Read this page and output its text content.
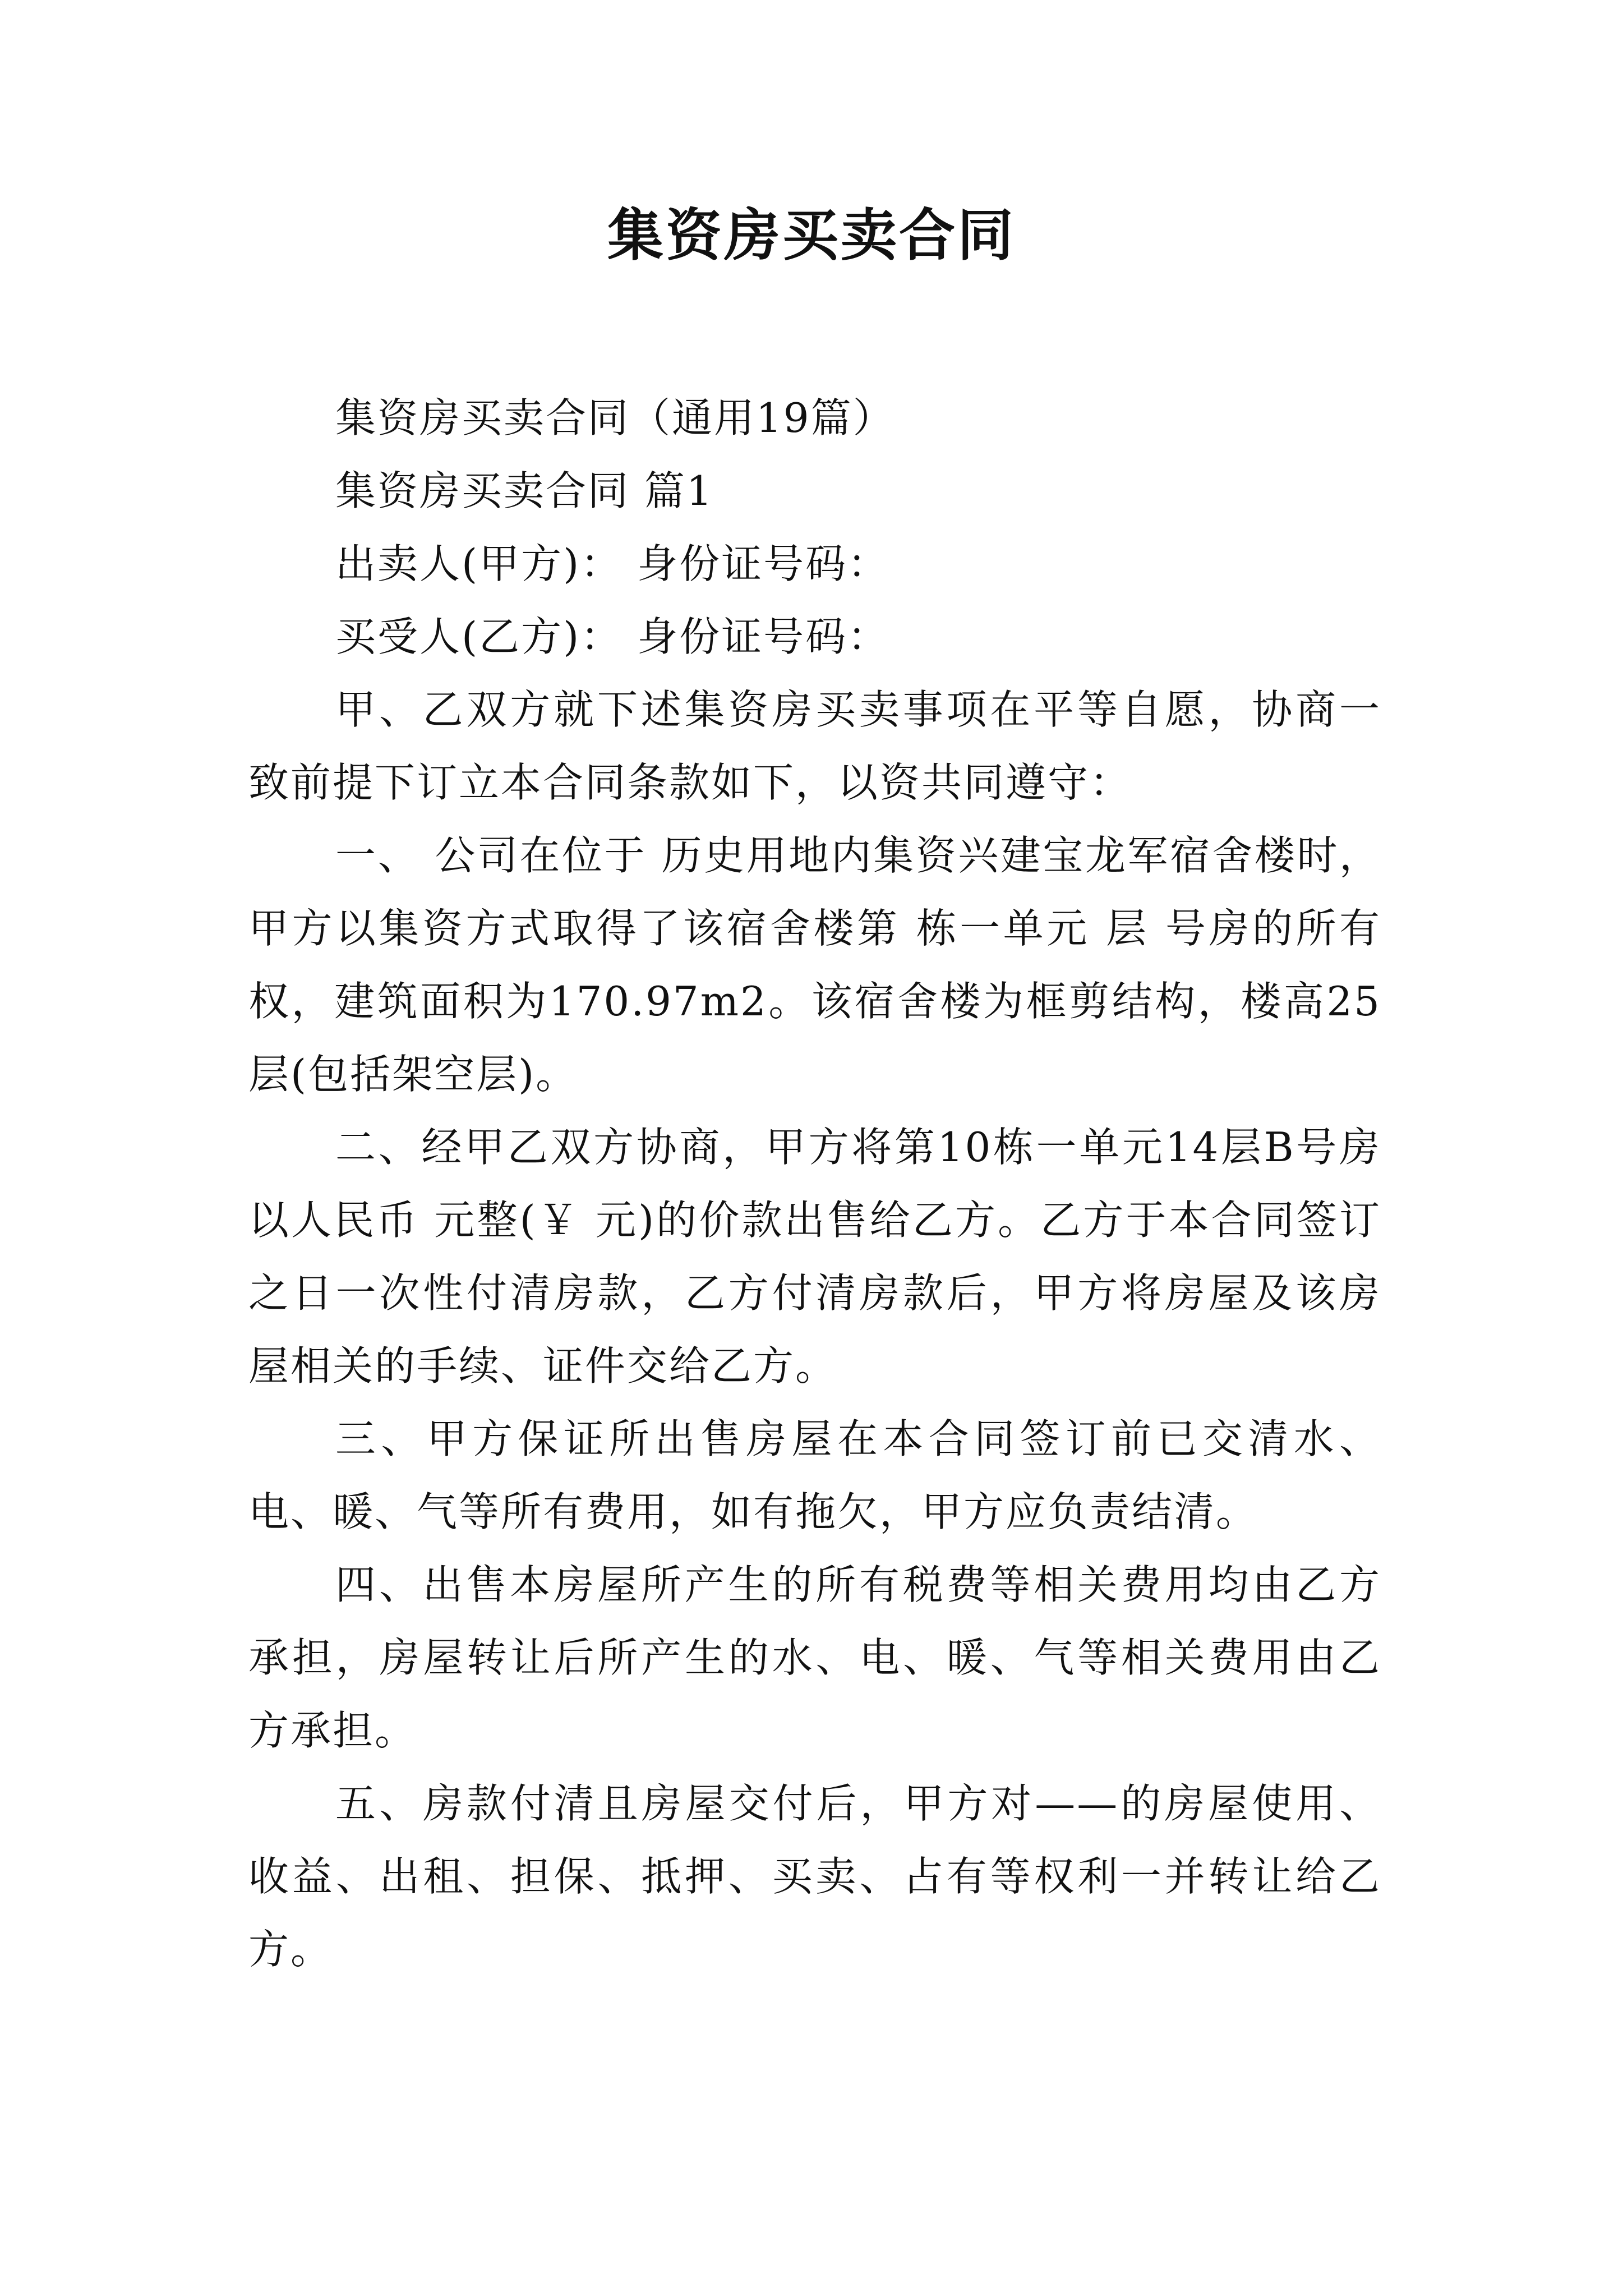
集资房买卖合同

集资房买卖合同（通用19篇）

集资房买卖合同 篇1

出卖人(甲方)： 身份证号码：

买受人(乙方)： 身份证号码：

甲、乙双方就下述集资房买卖事项在平等自愿，协商一致前提下订立本合同条款如下，以资共同遵守：

一、 公司在位于 历史用地内集资兴建宝龙军宿舍楼时，甲方以集资方式取得了该宿舍楼第 栋一单元 层 号房的所有权，建筑面积为170.97m2。该宿舍楼为框剪结构，楼高25层(包括架空层)。

二、经甲乙双方协商，甲方将第10栋一单元14层B号房以人民币 元整(￥ 元)的价款出售给乙方。乙方于本合同签订之日一次性付清房款，乙方付清房款后，甲方将房屋及该房屋相关的手续、证件交给乙方。

三、甲方保证所出售房屋在本合同签订前已交清水、电、暖、气等所有费用，如有拖欠，甲方应负责结清。

四、出售本房屋所产生的所有税费等相关费用均由乙方承担，房屋转让后所产生的水、电、暖、气等相关费用由乙方承担。

五、房款付清且房屋交付后，甲方对——的房屋使用、收益、出租、担保、抵押、买卖、占有等权利一并转让给乙方。
